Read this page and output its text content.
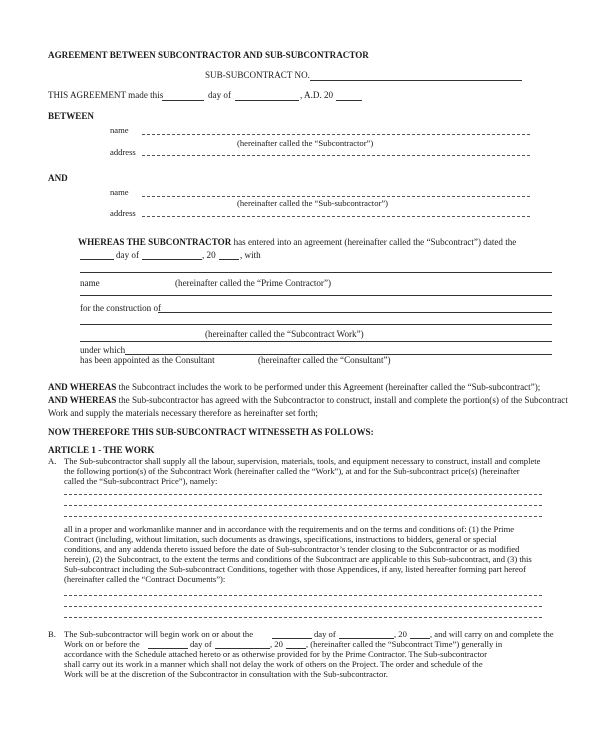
AGREEMENT BETWEEN SUBCONTRACTOR AND SUB-SUBCONTRACTOR
SUB-SUBCONTRACT NO.
THIS AGREEMENT made this	day of	, A.D. 20
BETWEEN
name
(hereinafter called the “Subcontractor”)
address
AND
name
(hereinafter called the “Sub-subcontractor”)
address
WHEREAS THE SUBCONTRACTOR has entered into an agreement (hereinafter called the “Subcontract”) dated the
day of	, 20	, with
name	(hereinafter called the “Prime Contractor”)
for the construction of
(hereinafter called the “Subcontract Work”)
under which
has been appointed as the Consultant	(hereinafter called the “Consultant”)
AND WHEREAS the Subcontract includes the work to be performed under this Agreement (hereinafter called the “Sub-subcontract”);
AND WHEREAS the Sub-subcontractor has agreed with the Subcontractor to construct, install and complete the portion(s) of the Subcontract
Work and supply the materials necessary therefore as hereinafter set forth;
NOW THEREFORE THIS SUB-SUBCONTRACT WITNESSETH AS FOLLOWS:
ARTICLE 1 - THE WORK
A. The Sub-subcontractor shall supply all the labour, supervision, materials, tools, and equipment necessary to construct, install and complete
the following portion(s) of the Subcontract Work (hereinafter called the “Work”), at and for the Sub-subcontract price(s) (hereinafter
called the “Sub-subcontract Price”), namely:
all in a proper and workmanlike manner and in accordance with the requirements and on the terms and conditions of: (1) the Prime
Contract (including, without limitation, such documents as drawings, specifications, instructions to bidders, general or special
conditions, and any addenda thereto issued before the date of Sub-subcontractor’s tender closing to the Subcontractor or as modified
herein), (2) the Subcontract, to the extent the terms and conditions of the Subcontract are applicable to this Sub-subcontract, and (3) this
Sub-subcontract including the Sub-subcontract Conditions, together with those Appendices, if any, listed hereafter forming part hereof
(hereinafter called the “Contract Documents”):
B. The Sub-subcontractor will begin work on or about the	day of	, 20	, and will carry on and complete the
Work on or before the	day of	, 20	, (hereinafter called the “Subcontract Time”) generally in
accordance with the Schedule attached hereto or as otherwise provided for by the Prime Contractor. The Sub-subcontractor
shall carry out its work in a manner which shall not delay the work of others on the Project. The order and schedule of the
Work will be at the discretion of the Subcontractor in consultation with the Sub-subcontractor.
